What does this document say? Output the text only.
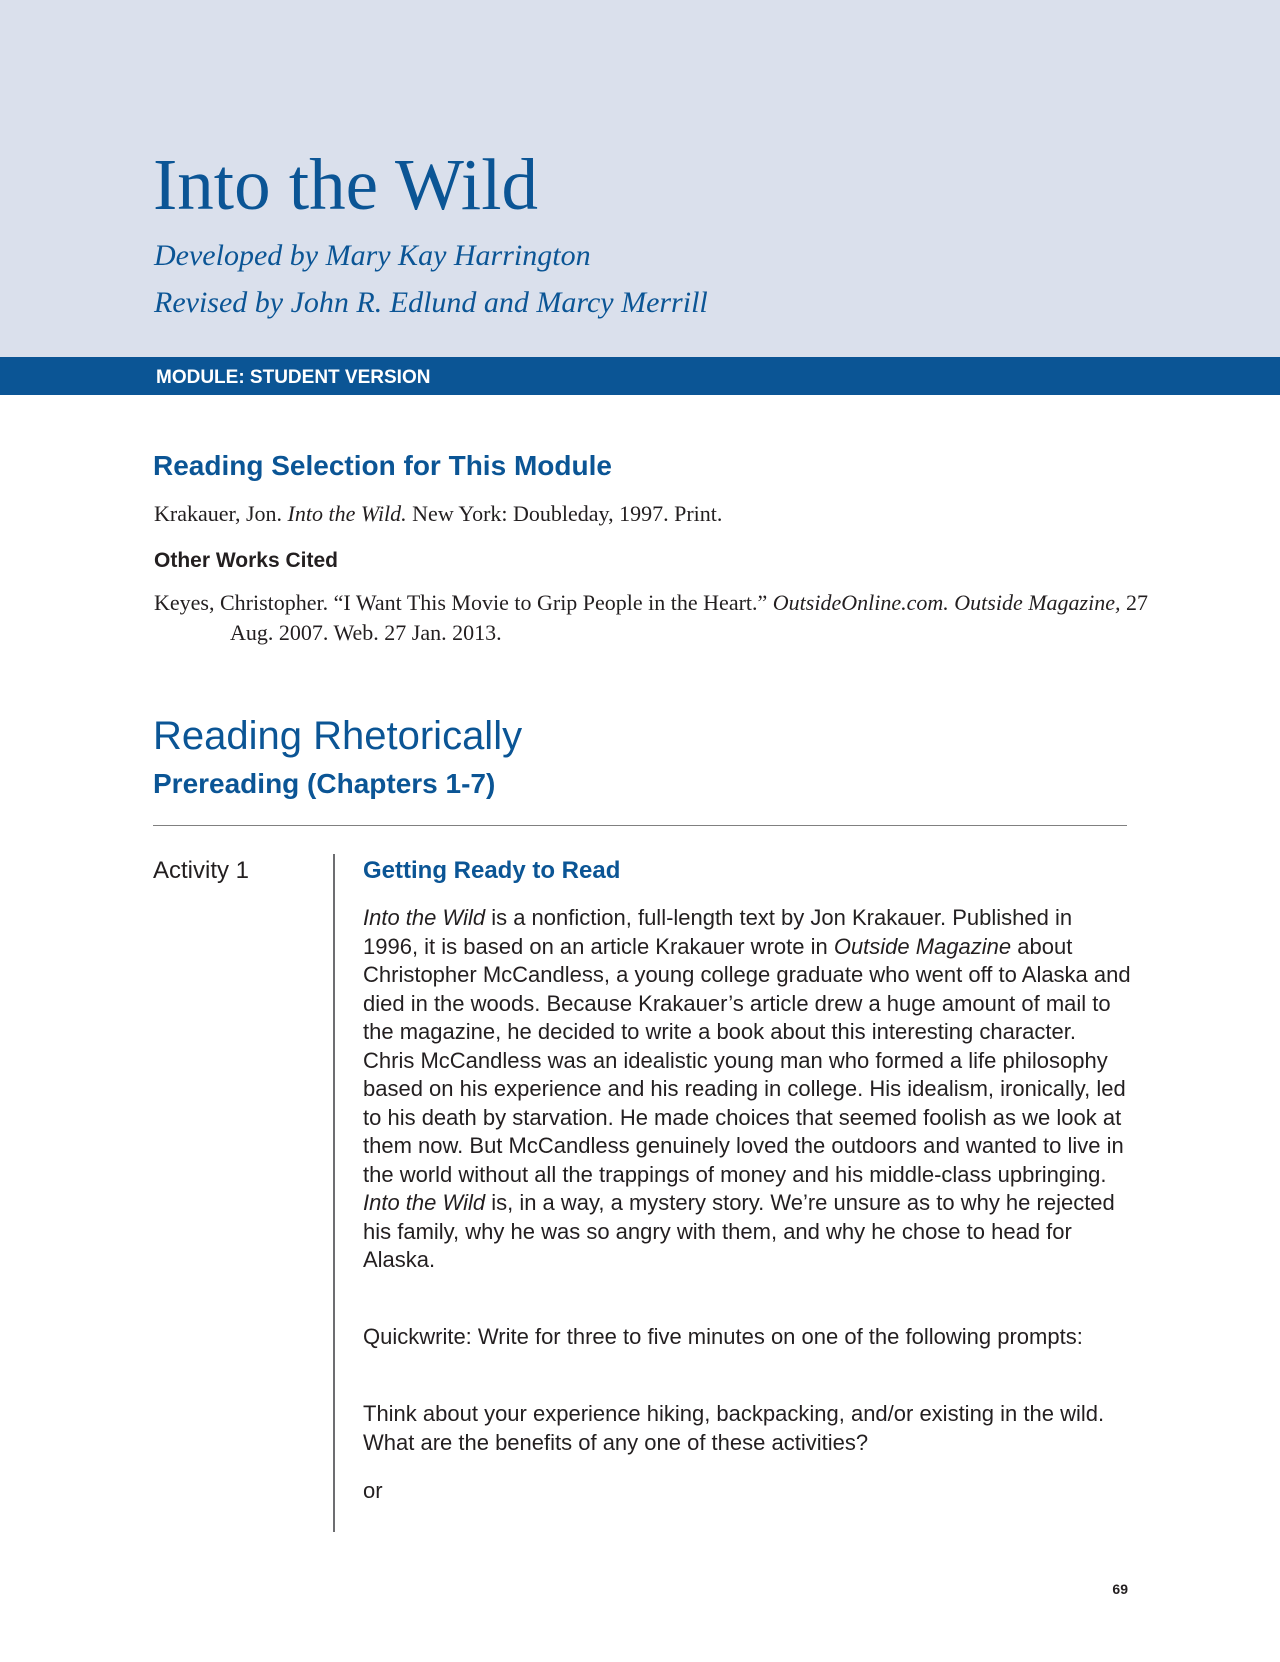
Into the Wild

Developed by Mary Kay Harrington

Revised by John R. Edlund and Marcy Merrill

MODULE: STUDENT VERSION

Reading Selection for This Module

Krakauer, Jon. Into the Wild. New York: Doubleday, 1997. Print.

Other Works Cited

Keyes, Christopher. “I Want This Movie to Grip People in the Heart.” OutsideOnline.com. Outside Magazine, 27 Aug. 2007. Web. 27 Jan. 2013.

Reading Rhetorically
Prereading (Chapters 1-7)

Activity 1	Getting Ready to Read

Into the Wild is a nonfiction, full-length text by Jon Krakauer. Published in 1996, it is based on an article Krakauer wrote in Outside Magazine about Christopher McCandless, a young college graduate who went off to Alaska and died in the woods. Because Krakauer’s article drew a huge amount of mail to the magazine, he decided to write a book about this interesting character. Chris McCandless was an idealistic young man who formed a life philosophy based on his experience and his reading in college. His idealism, ironically, led to his death by starvation. He made choices that seemed foolish as we look at them now. But McCandless genuinely loved the outdoors and wanted to live in the world without all the trappings of money and his middle-class upbringing. Into the Wild is, in a way, a mystery story. We’re unsure as to why he rejected his family, why he was so angry with them, and why he chose to head for Alaska.

Quickwrite: Write for three to five minutes on one of the following prompts:

Think about your experience hiking, backpacking, and/or existing in the wild. What are the benefits of any one of these activities?

or

69
